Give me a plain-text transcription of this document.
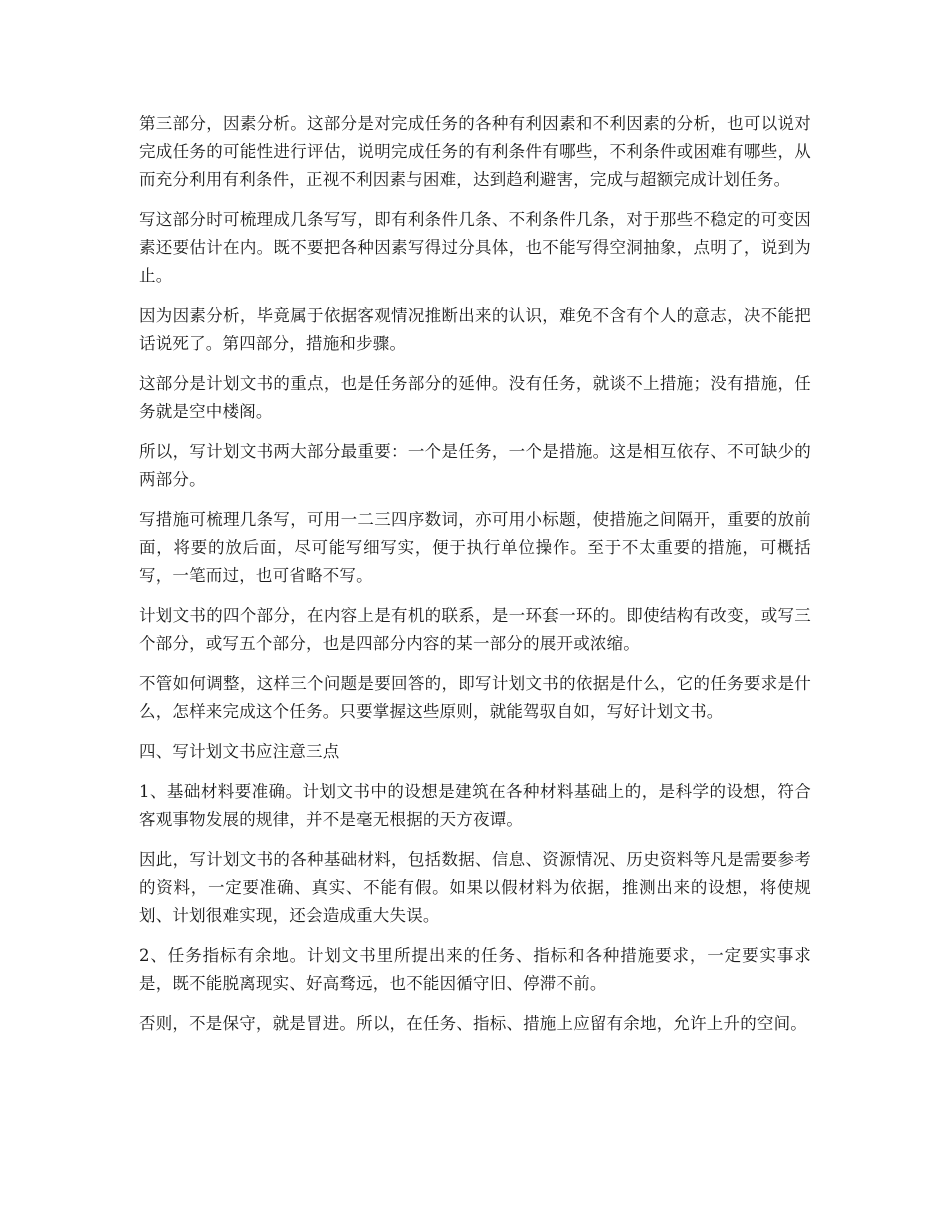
第三部分，因素分析。这部分是对完成任务的各种有利因素和不利因素的分析，也可以说对完成任务的可能性进行评估，说明完成任务的有利条件有哪些，不利条件或困难有哪些，从而充分利用有利条件，正视不利因素与困难，达到趋利避害，完成与超额完成计划任务。

写这部分时可梳理成几条写写，即有利条件几条、不利条件几条，对于那些不稳定的可变因素还要估计在内。既不要把各种因素写得过分具体，也不能写得空洞抽象，点明了，说到为止。

因为因素分析，毕竟属于依据客观情况推断出来的认识，难免不含有个人的意志，决不能把话说死了。第四部分，措施和步骤。

这部分是计划文书的重点，也是任务部分的延伸。没有任务，就谈不上措施；没有措施，任务就是空中楼阁。

所以，写计划文书两大部分最重要：一个是任务，一个是措施。这是相互依存、不可缺少的两部分。

写措施可梳理几条写，可用一二三四序数词，亦可用小标题，使措施之间隔开，重要的放前面，将要的放后面，尽可能写细写实，便于执行单位操作。至于不太重要的措施，可概括写，一笔而过，也可省略不写。

计划文书的四个部分，在内容上是有机的联系，是一环套一环的。即使结构有改变，或写三个部分，或写五个部分，也是四部分内容的某一部分的展开或浓缩。

不管如何调整，这样三个问题是要回答的，即写计划文书的依据是什么，它的任务要求是什么，怎样来完成这个任务。只要掌握这些原则，就能驾驭自如，写好计划文书。

四、写计划文书应注意三点

1、基础材料要准确。计划文书中的设想是建筑在各种材料基础上的，是科学的设想，符合客观事物发展的规律，并不是毫无根据的天方夜谭。

因此，写计划文书的各种基础材料，包括数据、信息、资源情况、历史资料等凡是需要参考的资料，一定要准确、真实、不能有假。如果以假材料为依据，推测出来的设想，将使规划、计划很难实现，还会造成重大失误。

2、任务指标有余地。计划文书里所提出来的任务、指标和各种措施要求，一定要实事求是，既不能脱离现实、好高骛远，也不能因循守旧、停滞不前。

否则，不是保守，就是冒进。所以，在任务、指标、措施上应留有余地，允许上升的空间。
